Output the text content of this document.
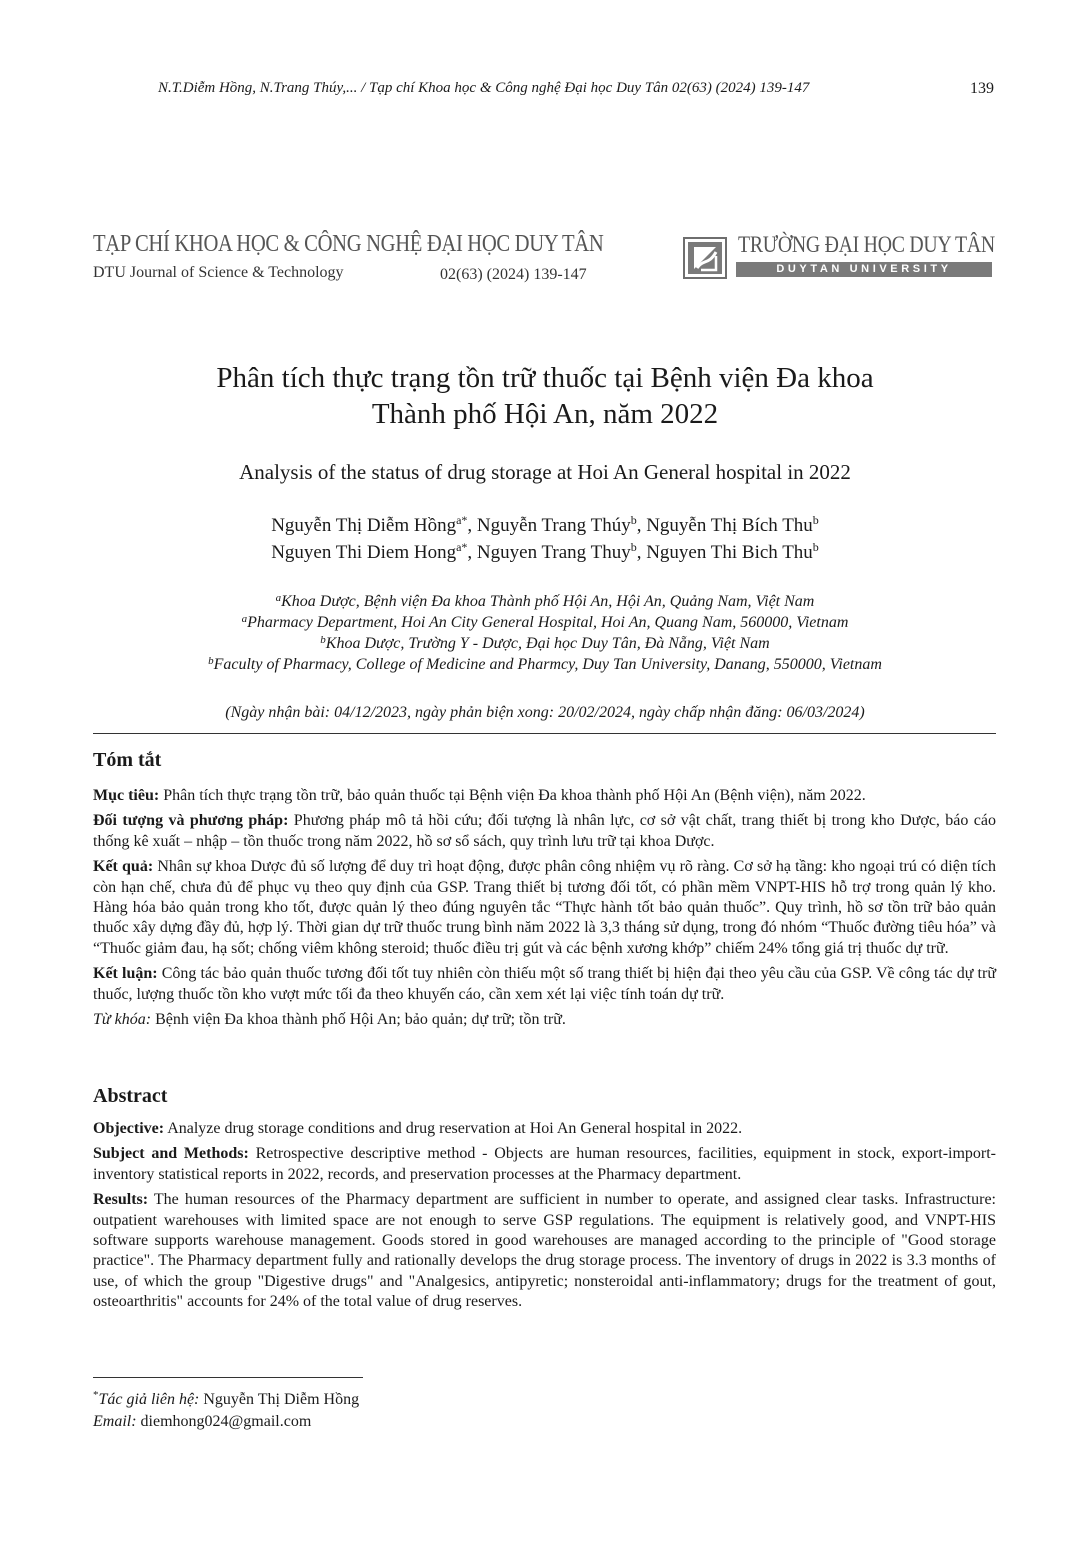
N.T.Diễm Hồng, N.Trang Thúy,... / Tạp chí Khoa học & Công nghệ Đại học Duy Tân 02(63) (2024) 139-147	139
TẠP CHÍ KHOA HỌC & CÔNG NGHỆ ĐẠI HỌC DUY TÂN
DTU Journal of Science & Technology	02(63) (2024) 139-147
TRƯỜNG ĐẠI HỌC DUY TÂN
DUYTAN UNIVERSITY
Phân tích thực trạng tồn trữ thuốc tại Bệnh viện Đa khoa
Thành phố Hội An, năm 2022
Analysis of the status of drug storage at Hoi An General hospital in 2022
Nguyễn Thị Diễm Hồng$^{a*}$, Nguyễn Trang Thúy$^b$, Nguyễn Thị Bích Thu$^b$
Nguyen Thi Diem Hong$^{a*}$, Nguyen Trang Thuy$^b$, Nguyen Thi Bich Thu$^b$
$^a$Khoa Dược, Bệnh viện Đa khoa Thành phố Hội An, Hội An, Quảng Nam, Việt Nam
$^a$Pharmacy Department, Hoi An City General Hospital, Hoi An, Quang Nam, 560000, Vietnam
$^b$Khoa Dược, Trường Y - Dược, Đại học Duy Tân, Đà Nẵng, Việt Nam
$^b$Faculty of Pharmacy, College of Medicine and Pharmcy, Duy Tan University, Danang, 550000, Vietnam
(Ngày nhận bài: 04/12/2023, ngày phản biện xong: 20/02/2024, ngày chấp nhận đăng: 06/03/2024)
Tóm tắt

Mục tiêu: Phân tích thực trạng tồn trữ, bảo quản thuốc tại Bệnh viện Đa khoa thành phố Hội An (Bệnh viện), năm 2022.

Đối tượng và phương pháp: Phương pháp mô tả hồi cứu; đối tượng là nhân lực, cơ sở vật chất, trang thiết bị trong kho Dược, báo cáo thống kê xuất – nhập – tồn thuốc trong năm 2022, hồ sơ sổ sách, quy trình lưu trữ tại khoa Dược.

Kết quả: Nhân sự khoa Dược đủ số lượng để duy trì hoạt động, được phân công nhiệm vụ rõ ràng. Cơ sở hạ tầng: kho ngoại trú có diện tích còn hạn chế, chưa đủ để phục vụ theo quy định của GSP. Trang thiết bị tương đối tốt, có phần mềm VNPT-HIS hỗ trợ trong quản lý kho. Hàng hóa bảo quản trong kho tốt, được quản lý theo đúng nguyên tắc “Thực hành tốt bảo quản thuốc”. Quy trình, hồ sơ tồn trữ bảo quản thuốc xây dựng đầy đủ, hợp lý. Thời gian dự trữ thuốc trung bình năm 2022 là 3,3 tháng sử dụng, trong đó nhóm “Thuốc đường tiêu hóa” và “Thuốc giảm đau, hạ sốt; chống viêm không steroid; thuốc điều trị gút và các bệnh xương khớp” chiếm 24% tổng giá trị thuốc dự trữ.

Kết luận: Công tác bảo quản thuốc tương đối tốt tuy nhiên còn thiếu một số trang thiết bị hiện đại theo yêu cầu của GSP. Về công tác dự trữ thuốc, lượng thuốc tồn kho vượt mức tối đa theo khuyến cáo, cần xem xét lại việc tính toán dự trữ.

Từ khóa: Bệnh viện Đa khoa thành phố Hội An; bảo quản; dự trữ; tồn trữ.

Abstract

Objective: Analyze drug storage conditions and drug reservation at Hoi An General hospital in 2022.

Subject and Methods: Retrospective descriptive method - Objects are human resources, facilities, equipment in stock, export-import-inventory statistical reports in 2022, records, and preservation processes at the Pharmacy department.

Results: The human resources of the Pharmacy department are sufficient in number to operate, and assigned clear tasks. Infrastructure: outpatient warehouses with limited space are not enough to serve GSP regulations. The equipment is relatively good, and VNPT-HIS software supports warehouse management. Goods stored in good warehouses are managed according to the principle of "Good storage practice". The Pharmacy department fully and rationally develops the drug storage process. The inventory of drugs in 2022 is 3.3 months of use, of which the group "Digestive drugs" and "Analgesics, antipyretic; nonsteroidal anti-inflammatory; drugs for the treatment of gout, osteoarthritis" accounts for 24% of the total value of drug reserves.

*Tác giả liên hệ: Nguyễn Thị Diễm Hồng
Email: diemhong024@gmail.com
